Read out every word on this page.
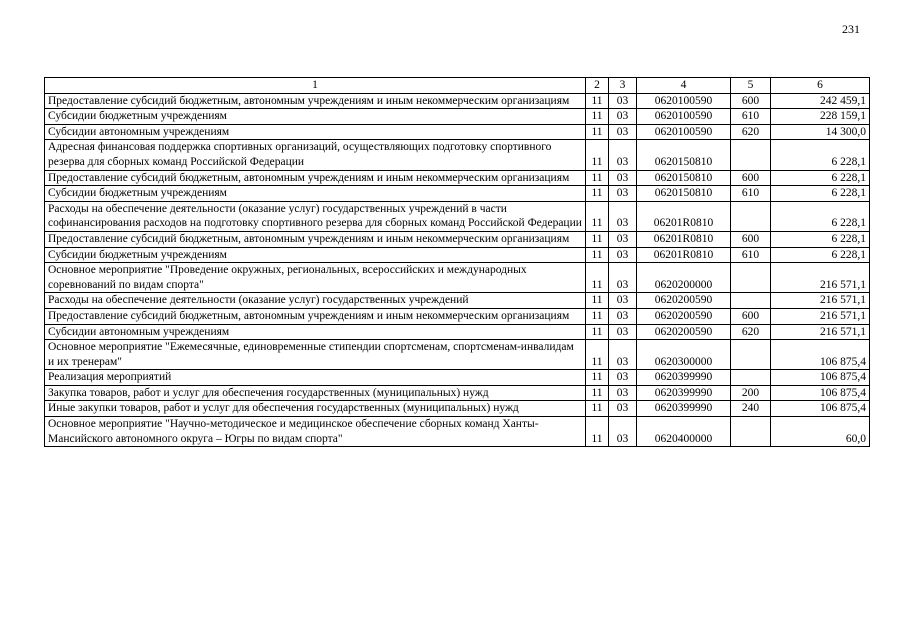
231
1	2	3	4	5	6
Предоставление субсидий бюджетным, автономным учреждениям и иным некоммерческим организациям	11	03	0620100590	600	242 459,1
Субсидии бюджетным учреждениям	11	03	0620100590	610	228 159,1
Субсидии автономным учреждениям	11	03	0620100590	620	14 300,0
Адресная финансовая поддержка спортивных организаций, осуществляющих подготовку спортивного резерва для сборных команд Российской Федерации	11	03	0620150810		6 228,1
Предоставление субсидий бюджетным, автономным учреждениям и иным некоммерческим организациям	11	03	0620150810	600	6 228,1
Субсидии бюджетным учреждениям	11	03	0620150810	610	6 228,1
Расходы на обеспечение деятельности (оказание услуг) государственных учреждений в части софинансирования расходов на подготовку спортивного резерва для сборных команд Российской Федерации	11	03	06201R0810		6 228,1
Предоставление субсидий бюджетным, автономным учреждениям и иным некоммерческим организациям	11	03	06201R0810	600	6 228,1
Субсидии бюджетным учреждениям	11	03	06201R0810	610	6 228,1
Основное мероприятие "Проведение окружных, региональных, всероссийских и международных соревнований по видам спорта"	11	03	0620200000		216 571,1
Расходы на обеспечение деятельности (оказание услуг) государственных учреждений	11	03	0620200590		216 571,1
Предоставление субсидий бюджетным, автономным учреждениям и иным некоммерческим организациям	11	03	0620200590	600	216 571,1
Субсидии автономным учреждениям	11	03	0620200590	620	216 571,1
Основное мероприятие "Ежемесячные, единовременные стипендии спортсменам, спортсменам-инвалидам и их тренерам"	11	03	0620300000		106 875,4
Реализация мероприятий	11	03	0620399990		106 875,4
Закупка товаров, работ и услуг для обеспечения государственных (муниципальных) нужд	11	03	0620399990	200	106 875,4
Иные закупки товаров, работ и услуг для обеспечения государственных (муниципальных) нужд	11	03	0620399990	240	106 875,4
Основное мероприятие "Научно-методическое и медицинское обеспечение сборных команд Ханты-Мансийского автономного округа – Югры по видам спорта"	11	03	0620400000		60,0
